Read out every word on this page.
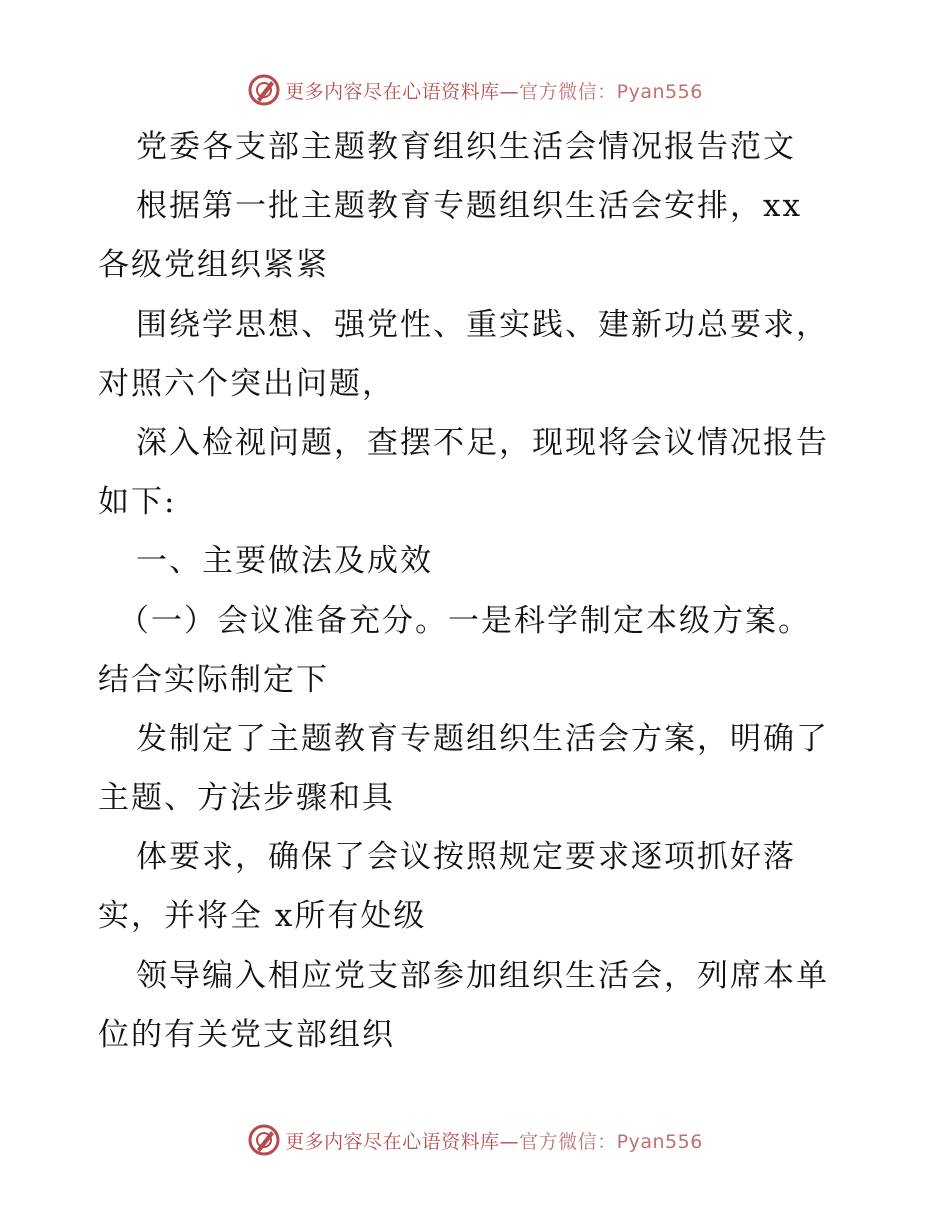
更多内容尽在心语资料库—官方微信：Pyan556
党委各支部主题教育组织生活会情况报告范文
根据第一批主题教育专题组织生活会安排，xx
各级党组织紧紧
围绕学思想、强党性、重实践、建新功总要求，
对照六个突出问题，
深入检视问题，查摆不足，现现将会议情况报告
如下:
一、主要做法及成效
（一）会议准备充分。一是科学制定本级方案。
结合实际制定下
发制定了主题教育专题组织生活会方案，明确了
主题、方法步骤和具
体要求，确保了会议按照规定要求逐项抓好落
实，并将全 x所有处级
领导编入相应党支部参加组织生活会，列席本单
位的有关党支部组织
更多内容尽在心语资料库—官方微信：Pyan556
